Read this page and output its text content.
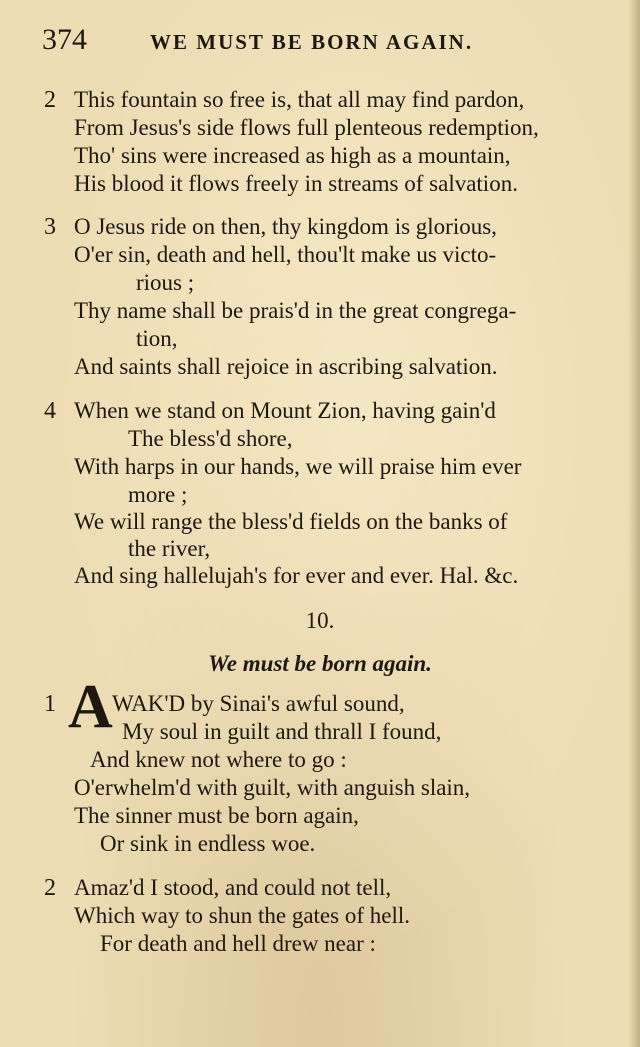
374	WE MUST BE BORN AGAIN.
2 This fountain so free is, that all may find pardon,
From Jesus's side flows full plenteous redemption,
Tho' sins were increased as high as a mountain,
His blood it flows freely in streams of salvation.
3 O Jesus ride on then, thy kingdom is glorious,
O'er sin, death and hell, thou'lt make us victo-
rious ;
Thy name shall be prais'd in the great congrega-
tion,
And saints shall rejoice in ascribing salvation.
4 When we stand on Mount Zion, having gain'd
The bless'd shore,
With harps in our hands, we will praise him ever
more ;
We will range the bless'd fields on the banks of
the river,
And sing hallelujah's for ever and ever. Hal. &c.
10.
We must be born again.
1 A WAK'D by Sinai's awful sound,
My soul in guilt and thrall I found,
And knew not where to go :
O'erwhelm'd with guilt, with anguish slain,
The sinner must be born again,
Or sink in endless woe.
2 Amaz'd I stood, and could not tell,
Which way to shun the gates of hell.
For death and hell drew near :
